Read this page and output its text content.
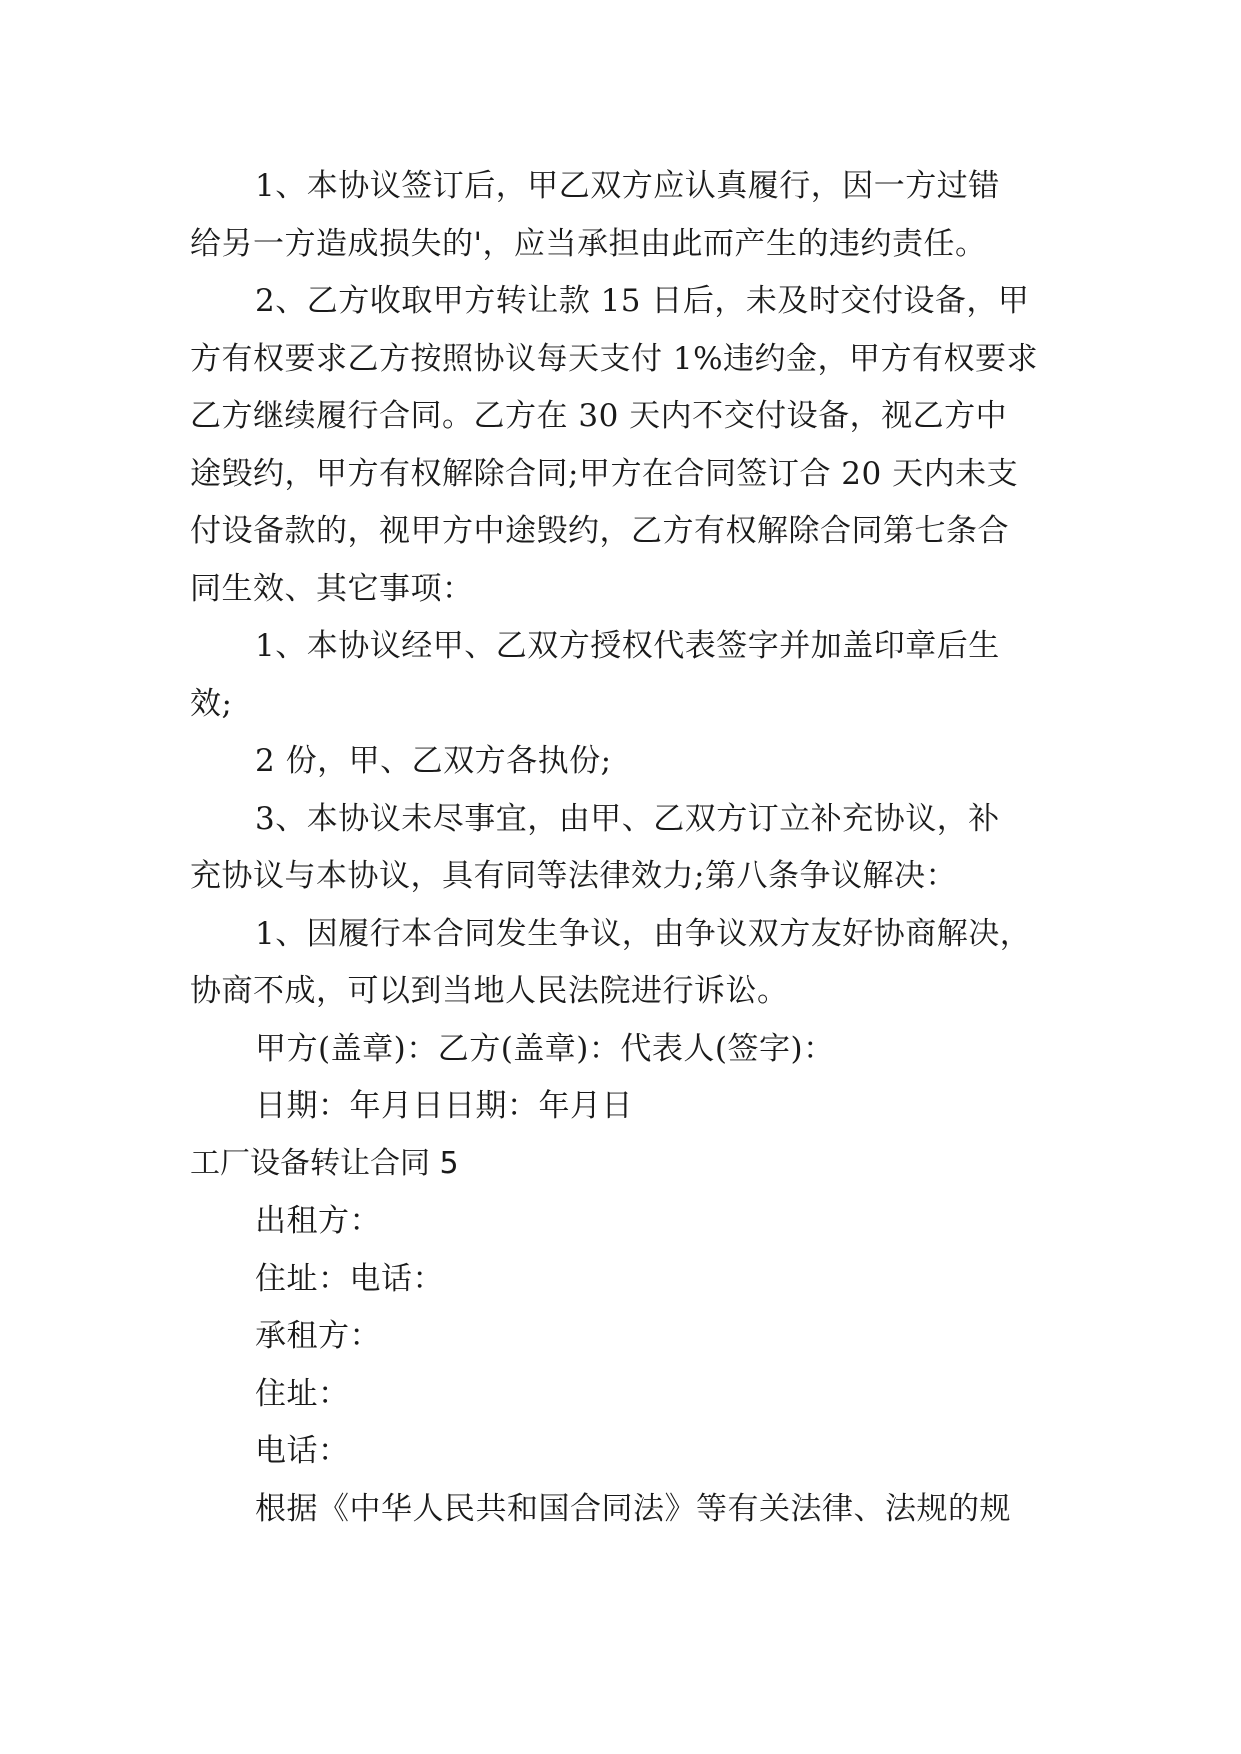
1、本协议签订后，甲乙双方应认真履行，因一方过错
给另一方造成损失的'，应当承担由此而产生的违约责任。
2、乙方收取甲方转让款 15 日后，未及时交付设备，甲
方有权要求乙方按照协议每天支付 1%违约金，甲方有权要求
乙方继续履行合同。乙方在 30 天内不交付设备，视乙方中
途毁约，甲方有权解除合同;甲方在合同签订合 20 天内未支
付设备款的，视甲方中途毁约，乙方有权解除合同第七条合
同生效、其它事项：
1、本协议经甲、乙双方授权代表签字并加盖印章后生
效;
2 份，甲、乙双方各执份;
3、本协议未尽事宜，由甲、乙双方订立补充协议，补
充协议与本协议，具有同等法律效力;第八条争议解决：
1、因履行本合同发生争议，由争议双方友好协商解决，
协商不成，可以到当地人民法院进行诉讼。
甲方(盖章)：乙方(盖章)：代表人(签字)：
日期：年月日日期：年月日
工厂设备转让合同 5
出租方：
住址：电话：
承租方：
住址：
电话：
根据《中华人民共和国合同法》等有关法律、法规的规
